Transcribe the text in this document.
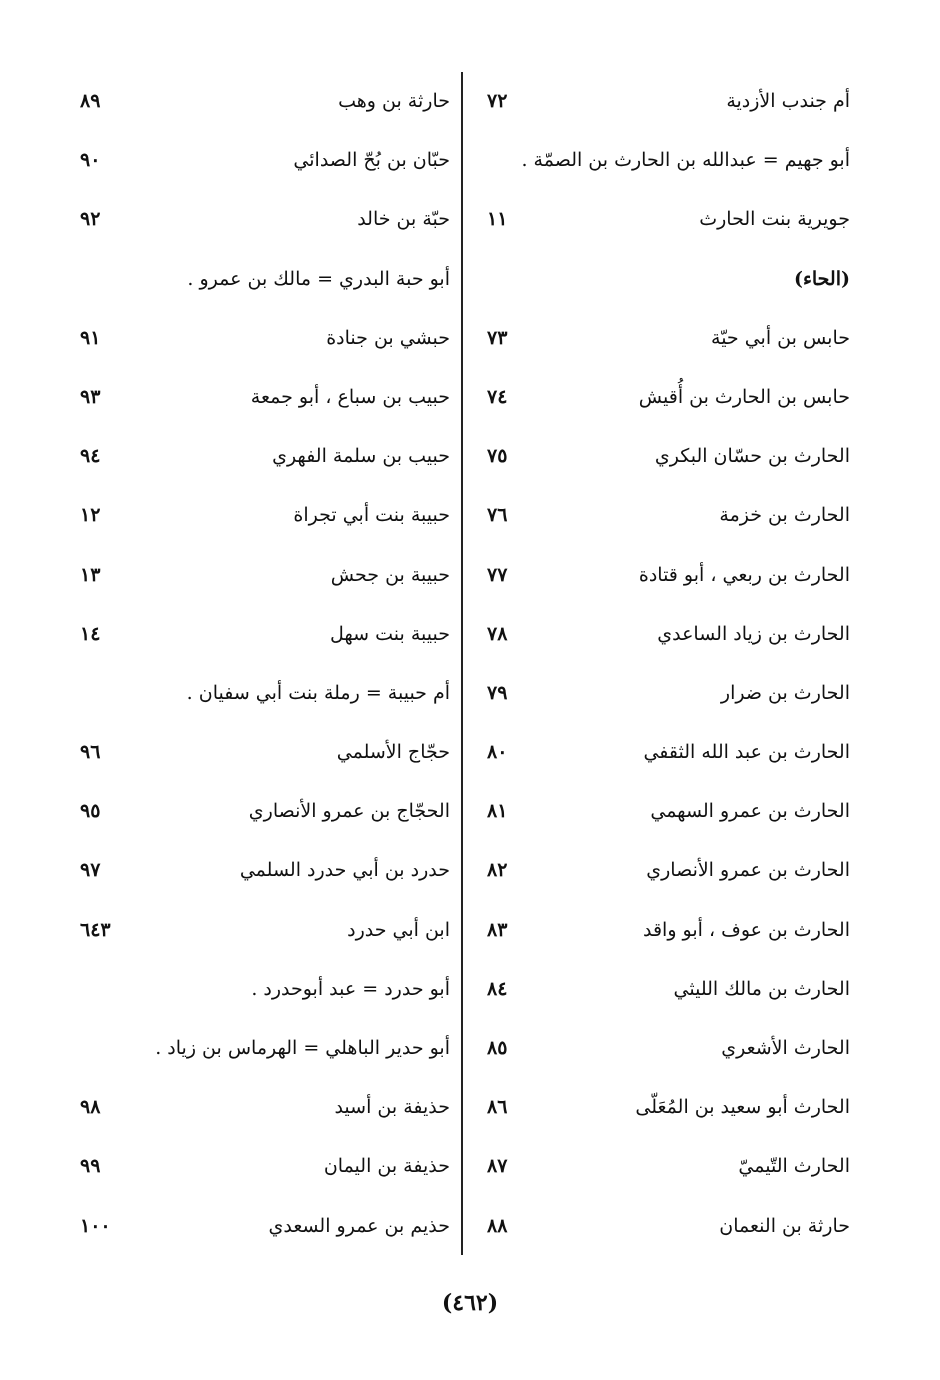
أم جندب الأزدية
٧٢
أبو جهيم = عبدالله بن الحارث بن الصمّة .
جويرية بنت الحارث
١١
(الحاء)
حابس بن أبي حيّة
٧٣
حابس بن الحارث بن أُقيش
٧٤
الحارث بن حسّان البكري
٧٥
الحارث بن خزمة
٧٦
الحارث بن ربعي ، أبو قتادة
٧٧
الحارث بن زياد الساعدي
٧٨
الحارث بن ضرار
٧٩
الحارث بن عبد الله الثقفي
٨٠
الحارث بن عمرو السهمي
٨١
الحارث بن عمرو الأنصاري
٨٢
الحارث بن عوف ، أبو واقد
٨٣
الحارث بن مالك الليثي
٨٤
الحارث الأشعري
٨٥
الحارث أبو سعيد بن المُعَلّى
٨٦
الحارث التّيميّ
٨٧
حارثة بن النعمان
٨٨
حارثة بن وهب
٨٩
حبّان بن بُحّ الصدائي
٩٠
حبّة بن خالد
٩٢
أبو حبة البدري = مالك بن عمرو .
حبشي بن جنادة
٩١
حبيب بن سباع ، أبو جمعة
٩٣
حبيب بن سلمة الفهري
٩٤
حبيبة بنت أبي تجراة
١٢
حبيبة بن جحش
١٣
حبيبة بنت سهل
١٤
أم حبيبة = رملة بنت أبي سفيان .
حجّاج الأسلمي
٩٦
الحجّاج بن عمرو الأنصاري
٩٥
حدرد بن أبي حدرد السلمي
٩٧
ابن أبي حدرد
٦٤٣
أبو حدرد = عبد أبوحدرد .
أبو حدير الباهلي = الهرماس بن زياد .
حذيفة بن أسيد
٩٨
حذيفة بن اليمان
٩٩
حذيم بن عمرو السعدي
١٠٠
(٤٦٢)
